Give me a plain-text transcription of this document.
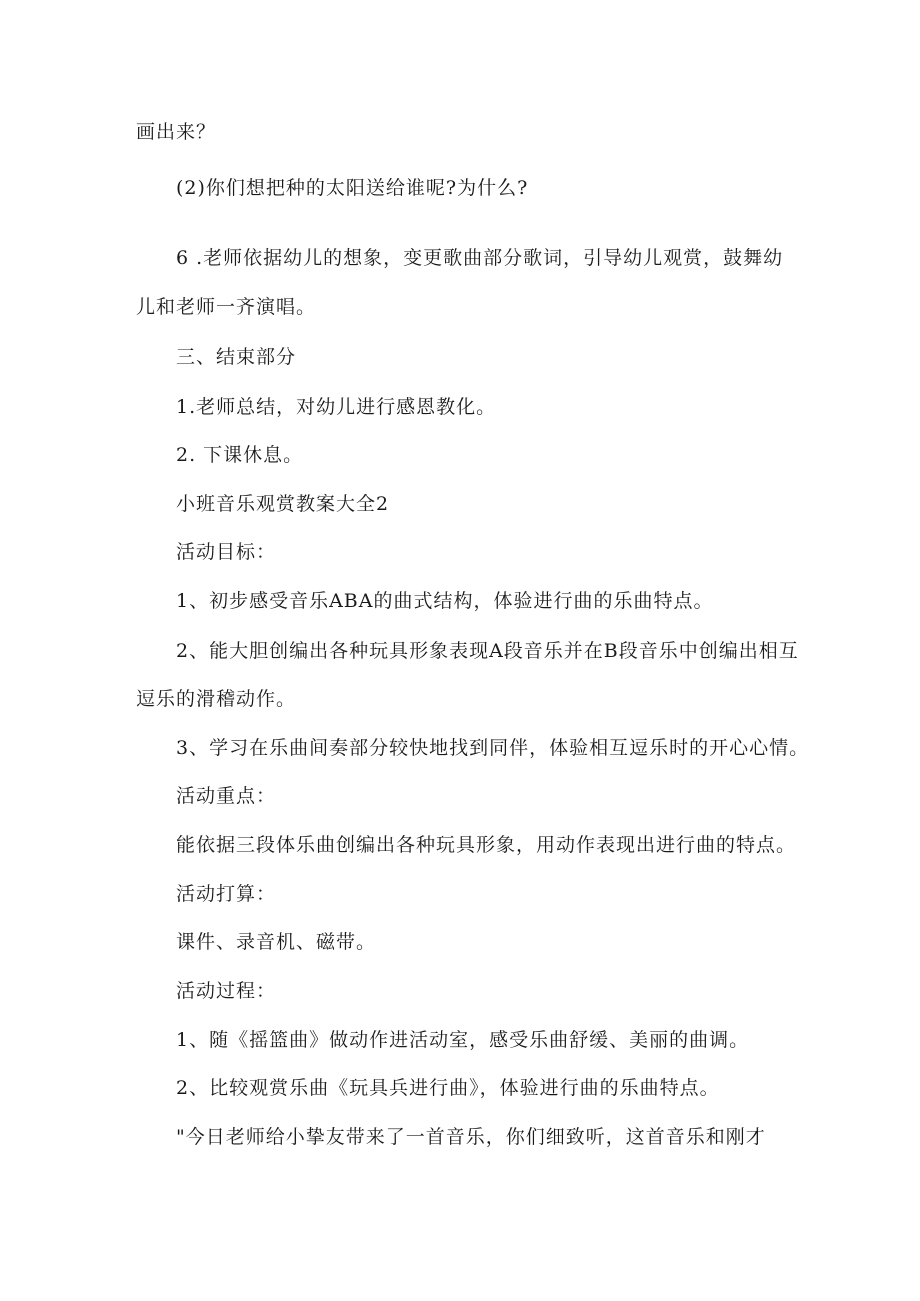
画出来？
(2)你们想把种的太阳送给谁呢?为什么?
6 .老师依据幼儿的想象，变更歌曲部分歌词，引导幼儿观赏，鼓舞幼
儿和老师一齐演唱。
三、结束部分
1.老师总结，对幼儿进行感恩教化。
2. 下课休息。
小班音乐观赏教案大全2
活动目标：
1、初步感受音乐ABA的曲式结构，体验进行曲的乐曲特点。
2、能大胆创编出各种玩具形象表现A段音乐并在B段音乐中创编出相互
逗乐的滑稽动作。
3、学习在乐曲间奏部分较快地找到同伴，体验相互逗乐时的开心心情。
活动重点：
能依据三段体乐曲创编出各种玩具形象，用动作表现出进行曲的特点。
活动打算：
课件、录音机、磁带。
活动过程：
1、随《摇篮曲》做动作进活动室，感受乐曲舒缓、美丽的曲调。
2、比较观赏乐曲《玩具兵进行曲》，体验进行曲的乐曲特点。
"今日老师给小挚友带来了一首音乐，你们细致听，这首音乐和刚才
